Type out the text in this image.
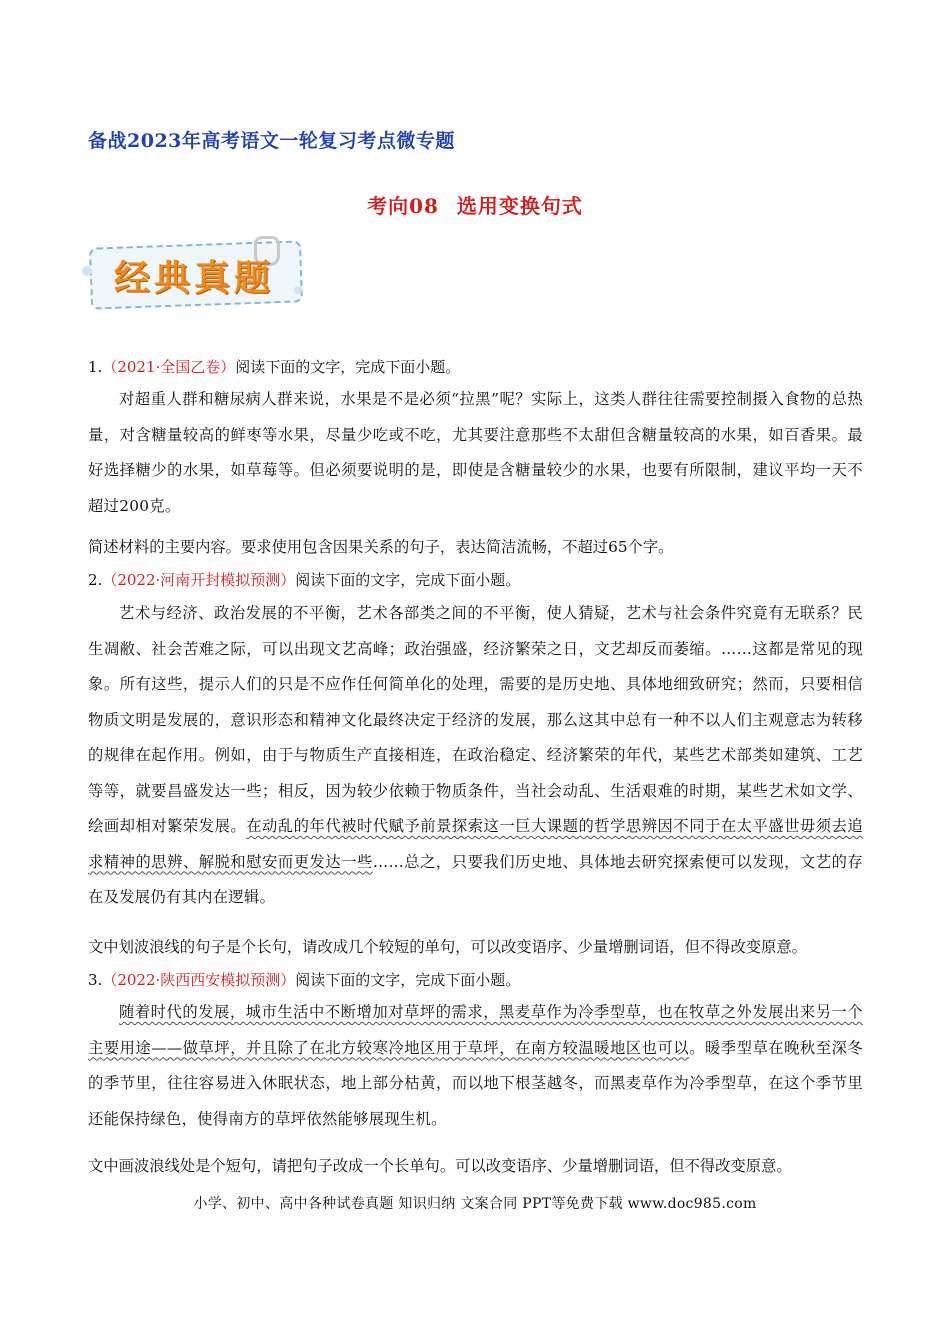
备战2023年高考语文一轮复习考点微专题
考向08 选用变换句式
经典真题
1.（2021·全国乙卷）阅读下面的文字，完成下面小题。
对超重人群和糖尿病人群来说，水果是不是必须“拉黑”呢？实际上，这类人群往往需要控制摄入食物的总热量，对含糖量较高的鲜枣等水果，尽量少吃或不吃，尤其要注意那些不太甜但含糖量较高的水果，如百香果。最好选择糖少的水果，如草莓等。但必须要说明的是，即使是含糖量较少的水果，也要有所限制，建议平均一天不超过200克。
简述材料的主要内容。要求使用包含因果关系的句子，表达简洁流畅，不超过65个字。
2.（2022·河南开封模拟预测）阅读下面的文字，完成下面小题。
艺术与经济、政治发展的不平衡，艺术各部类之间的不平衡，使人猜疑，艺术与社会条件究竟有无联系？民生凋敝、社会苦难之际，可以出现文艺高峰；政治强盛，经济繁荣之日，文艺却反而萎缩。……这都是常见的现象。所有这些，提示人们的只是不应作任何简单化的处理，需要的是历史地、具体地细致研究；然而，只要相信物质文明是发展的，意识形态和精神文化最终决定于经济的发展，那么这其中总有一种不以人们主观意志为转移的规律在起作用。例如，由于与物质生产直接相连，在政治稳定、经济繁荣的年代，某些艺术部类如建筑、工艺等等，就要昌盛发达一些；相反，因为较少依赖于物质条件，当社会动乱、生活艰难的时期，某些艺术如文学、绘画却相对繁荣发展。在动乱的年代被时代赋予前景探索这一巨大课题的哲学思辨因不同于在太平盛世毋须去追求精神的思辨、解脱和慰安而更发达一些……总之，只要我们历史地、具体地去研究探索便可以发现，文艺的存在及发展仍有其内在逻辑。
文中划波浪线的句子是个长句，请改成几个较短的单句，可以改变语序、少量增删词语，但不得改变原意。
3.（2022·陕西西安模拟预测）阅读下面的文字，完成下面小题。
随着时代的发展，城市生活中不断增加对草坪的需求，黑麦草作为冷季型草，也在牧草之外发展出来另一个主要用途——做草坪，并且除了在北方较寒冷地区用于草坪，在南方较温暖地区也可以。暖季型草在晚秋至深冬的季节里，往往容易进入休眠状态，地上部分枯黄，而以地下根茎越冬，而黑麦草作为冷季型草，在这个季节里还能保持绿色，使得南方的草坪依然能够展现生机。
文中画波浪线处是个短句，请把句子改成一个长单句。可以改变语序、少量增删词语，但不得改变原意。
小学、初中、高中各种试卷真题 知识归纳 文案合同 PPT等免费下载 www.doc985.com
